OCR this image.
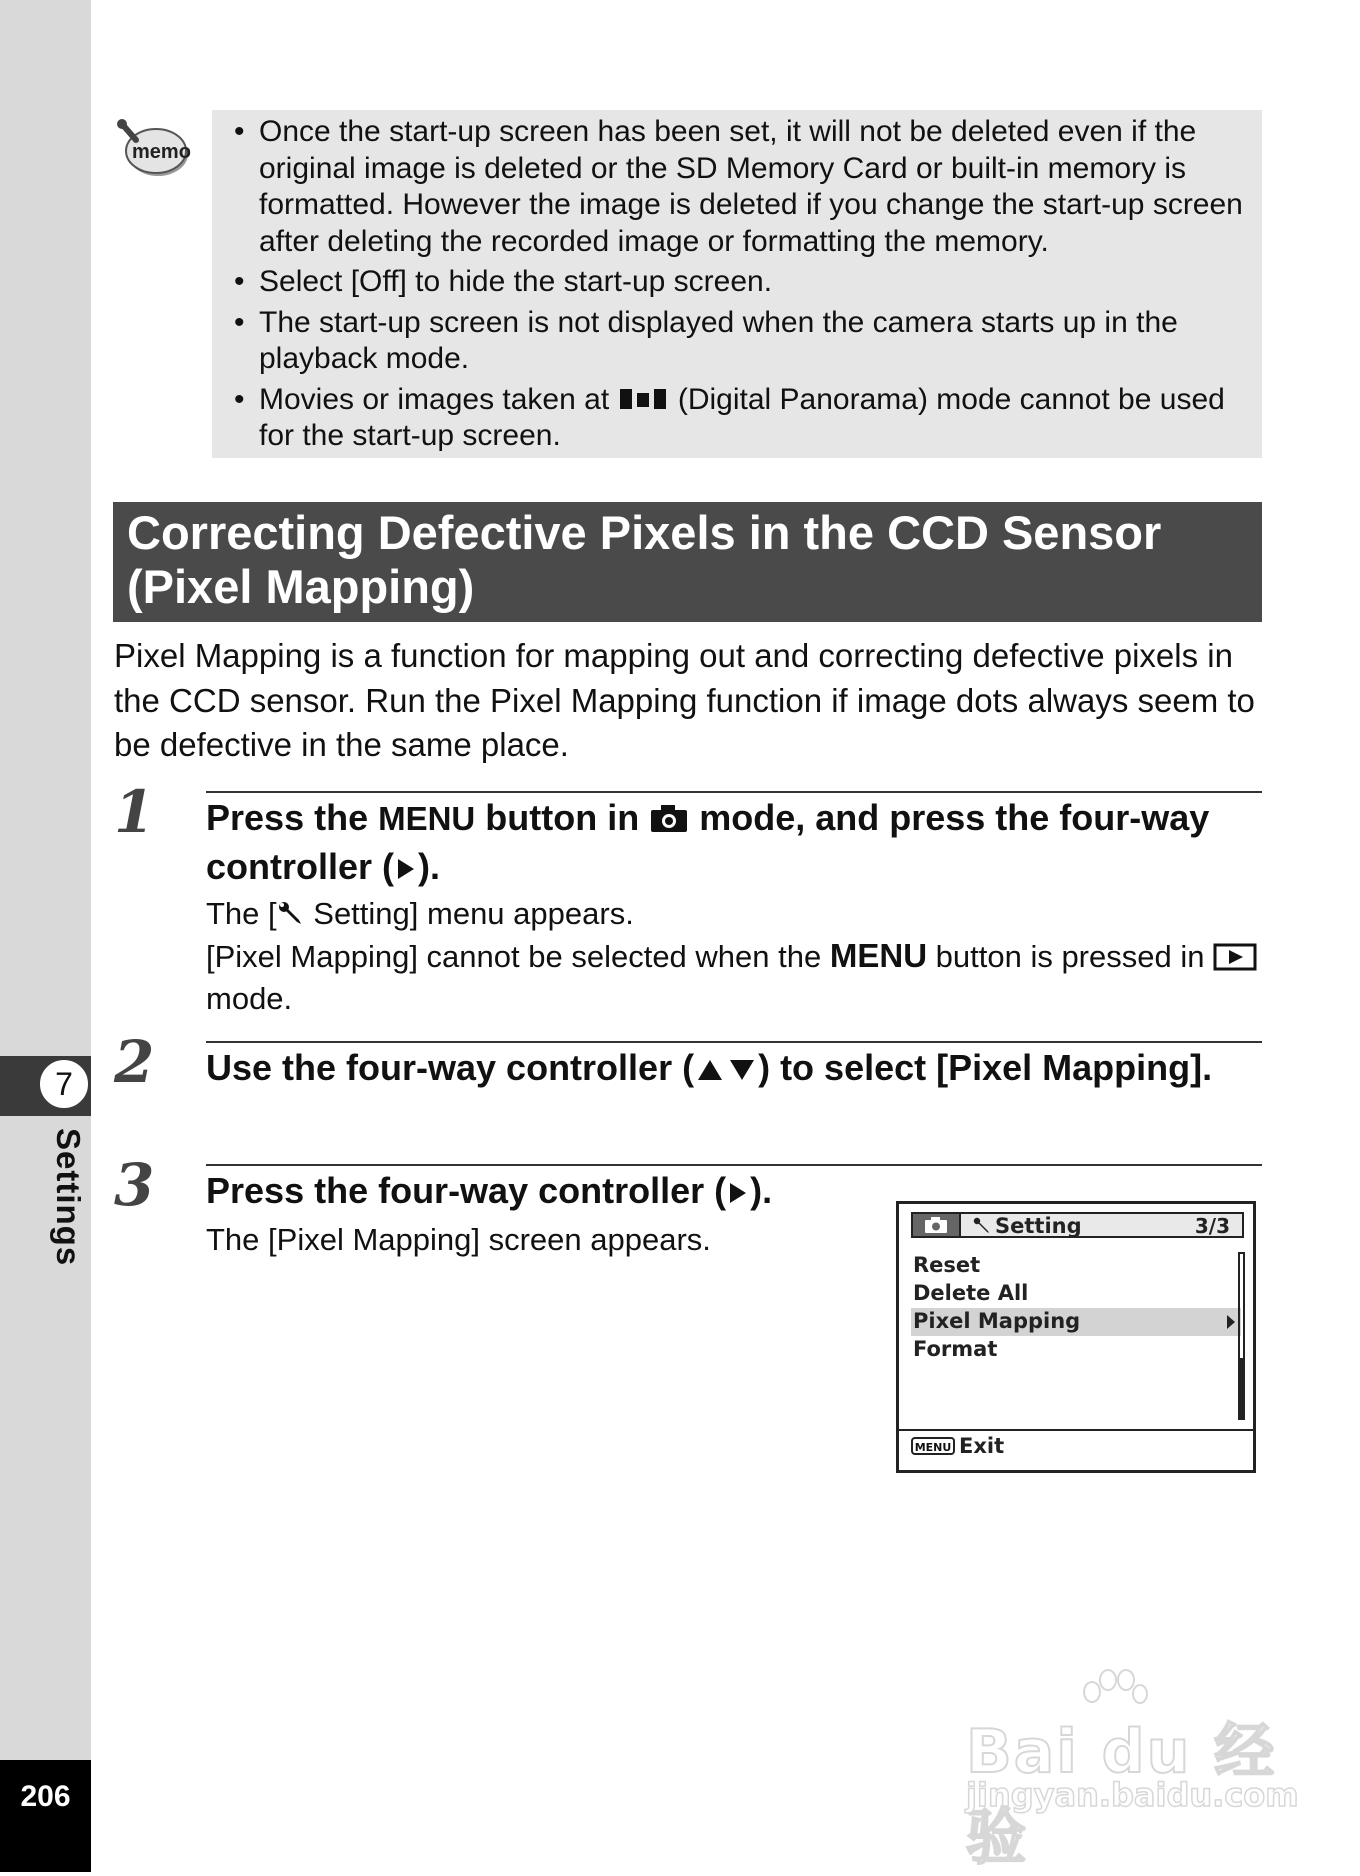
7
Settings
206
memo
• Once the start-up screen has been set, it will not be deleted even if the original image is deleted or the SD Memory Card or built-in memory is formatted. However the image is deleted if you change the start-up screen after deleting the recorded image or formatting the memory.
• Select [Off] to hide the start-up screen.
• The start-up screen is not displayed when the camera starts up in the playback mode.
• Movies or images taken at  (Digital Panorama) mode cannot be used for the start-up screen.
Correcting Defective Pixels in the CCD Sensor
(Pixel Mapping)
Pixel Mapping is a function for mapping out and correcting defective pixels in the CCD sensor. Run the Pixel Mapping function if image dots always seem to be defective in the same place.
1 Press the MENU button in  mode, and press the four-way controller ( ).
The [ Setting] menu appears.
[Pixel Mapping] cannot be selected when the MENU button is pressed in  mode.
2 Use the four-way controller ( ) to select [Pixel Mapping].
3 Press the four-way controller ( ).
The [Pixel Mapping] screen appears.	Setting	3/3
Reset
Delete All
Pixel Mapping
Format
MENU Exit
Bai du 经验
jingyan.baidu.com
